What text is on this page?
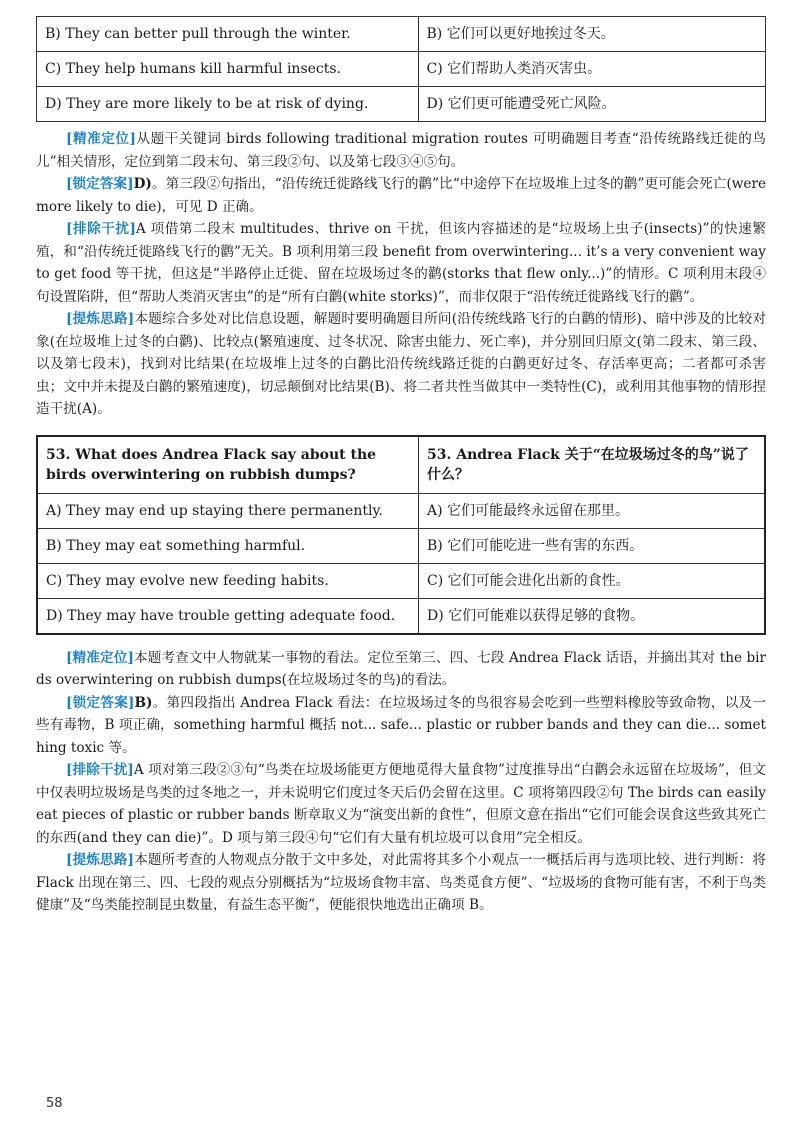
B) They can better pull through the winter.	B) 它们可以更好地挨过冬天。
C) They help humans kill harmful insects.	C) 它们帮助人类消灭害虫。
D) They are more likely to be at risk of dying.	D) 它们更可能遭受死亡风险。

[精准定位]从题干关键词 birds following traditional migration routes 可明确题目考查“沿传统路线迁徙的鸟儿”相关情形，定位到第二段末句、第三段②句、以及第七段③④⑤句。

[锁定答案]D)。第三段②句指出，“沿传统迁徙路线飞行的鹳”比“中途停下在垃圾堆上过冬的鹳”更可能会死亡(were more likely to die)，可见 D 正确。

[排除干扰]A 项借第二段末 multitudes、thrive on 干扰，但该内容描述的是“垃圾场上虫子(insects)”的快速繁殖，和“沿传统迁徙路线飞行的鹳”无关。B 项利用第三段 benefit from overwintering... it’s a very convenient way to get food 等干扰，但这是“半路停止迁徙、留在垃圾场过冬的鹳(storks that flew only...)”的情形。C 项利用末段④句设置陷阱，但“帮助人类消灭害虫”的是“所有白鹳(white storks)”，而非仅限于“沿传统迁徙路线飞行的鹳”。

[提炼思路]本题综合多处对比信息设题，解题时要明确题目所问(沿传统线路飞行的白鹳的情形)、暗中涉及的比较对象(在垃圾堆上过冬的白鹳)、比较点(繁殖速度、过冬状况、除害虫能力、死亡率)，并分别回归原文(第二段末、第三段、以及第七段末)，找到对比结果(在垃圾堆上过冬的白鹳比沿传统线路迁徙的白鹳更好过冬、存活率更高；二者都可杀害虫；文中并未提及白鹳的繁殖速度)，切忌颠倒对比结果(B)、将二者共性当做其中一类特性(C)，或利用其他事物的情形捏造干扰(A)。

53. What does Andrea Flack say about the birds overwintering on rubbish dumps?	53. Andrea Flack 关于“在垃圾场过冬的鸟”说了什么？
A) They may end up staying there permanently.	A) 它们可能最终永远留在那里。
B) They may eat something harmful.	B) 它们可能吃进一些有害的东西。
C) They may evolve new feeding habits.	C) 它们可能会进化出新的食性。
D) They may have trouble getting adequate food.	D) 它们可能难以获得足够的食物。

[精准定位]本题考查文中人物就某一事物的看法。定位至第三、四、七段 Andrea Flack 话语，并摘出其对 the birds overwintering on rubbish dumps(在垃圾场过冬的鸟)的看法。

[锁定答案]B)。第四段指出 Andrea Flack 看法：在垃圾场过冬的鸟很容易会吃到一些塑料橡胶等致命物，以及一些有毒物，B 项正确，something harmful 概括 not... safe... plastic or rubber bands and they can die... something toxic 等。

[排除干扰]A 项对第三段②③句“鸟类在垃圾场能更方便地觅得大量食物”过度推导出“白鹳会永远留在垃圾场”，但文中仅表明垃圾场是鸟类的过冬地之一，并未说明它们度过冬天后仍会留在这里。C 项将第四段②句 The birds can easily eat pieces of plastic or rubber bands 断章取义为“演变出新的食性”，但原文意在指出“它们可能会误食这些致其死亡的东西(and they can die)”。D 项与第三段④句“它们有大量有机垃圾可以食用”完全相反。

[提炼思路]本题所考查的人物观点分散于文中多处，对此需将其多个小观点一一概括后再与选项比较、进行判断：将 Flack 出现在第三、四、七段的观点分别概括为“垃圾场食物丰富、鸟类觅食方便”、“垃圾场的食物可能有害，不利于鸟类健康”及“鸟类能控制昆虫数量，有益生态平衡”，便能很快地选出正确项 B。

58
